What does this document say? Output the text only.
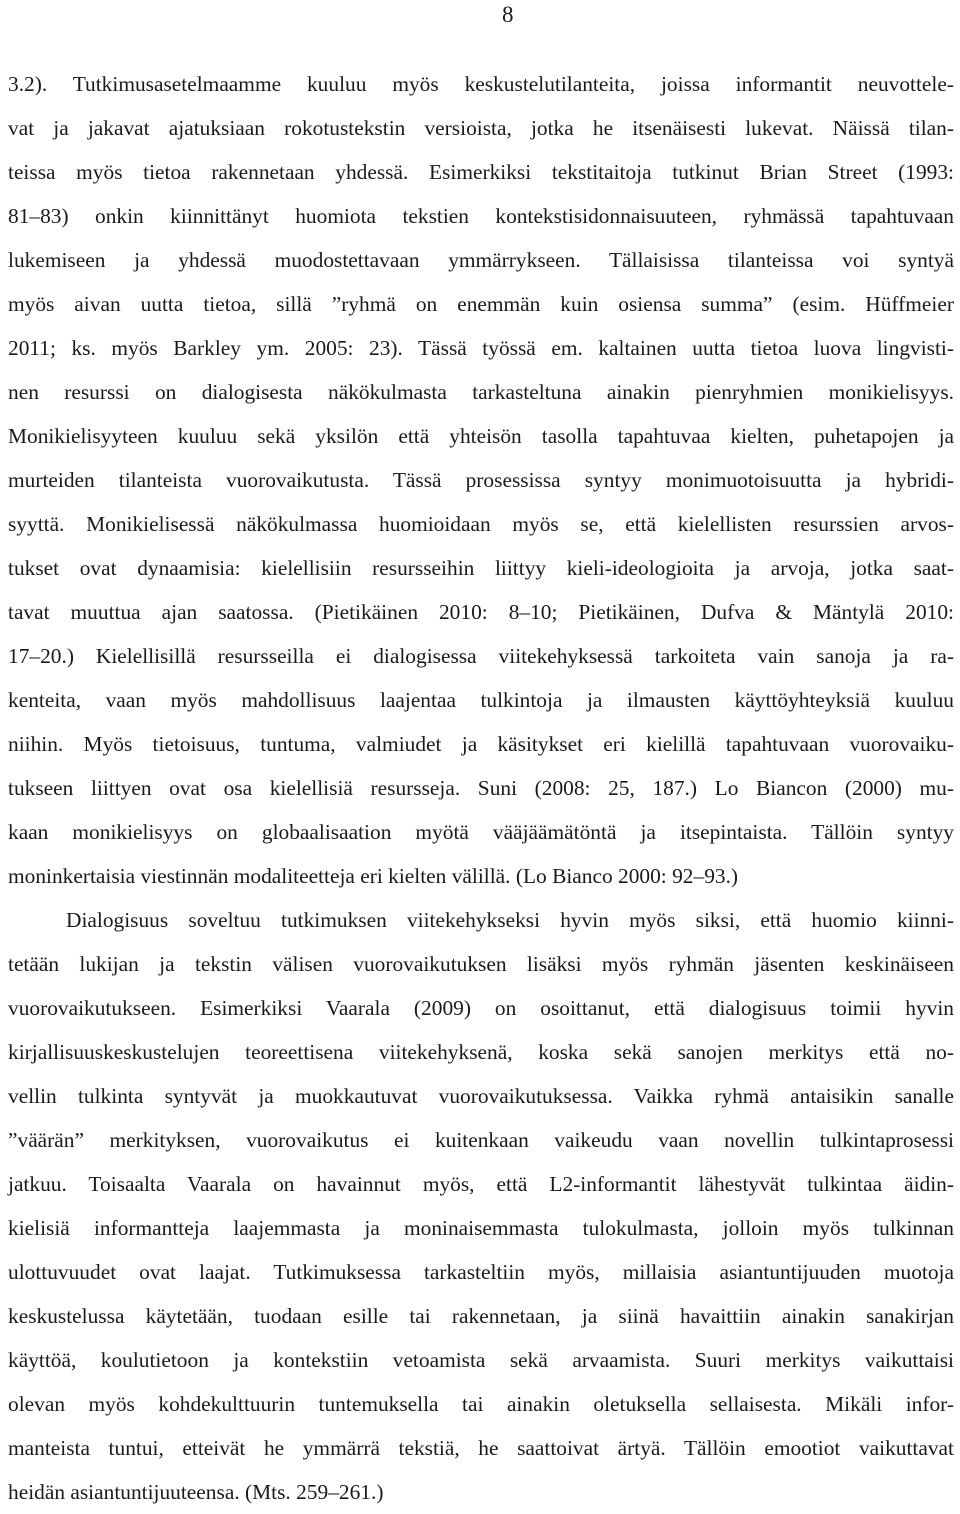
8
3.2). Tutkimusasetelmaamme kuuluu myös keskustelutilanteita, joissa informantit neuvottele-
vat ja jakavat ajatuksiaan rokotustekstin versioista, jotka he itsenäisesti lukevat. Näissä tilan-
teissa myös tietoa rakennetaan yhdessä. Esimerkiksi tekstitaitoja tutkinut Brian Street (1993:
81–83) onkin kiinnittänyt huomiota tekstien kontekstisidonnaisuuteen, ryhmässä tapahtuvaan
lukemiseen ja yhdessä muodostettavaan ymmärrykseen. Tällaisissa tilanteissa voi syntyä
myös aivan uutta tietoa, sillä ”ryhmä on enemmän kuin osiensa summa” (esim. Hüffmeier
2011; ks. myös Barkley ym. 2005: 23). Tässä työssä em. kaltainen uutta tietoa luova lingvisti-
nen resurssi on dialogisesta näkökulmasta tarkasteltuna ainakin pienryhmien monikielisyys.
Monikielisyyteen kuuluu sekä yksilön että yhteisön tasolla tapahtuvaa kielten, puhetapojen ja
murteiden tilanteista vuorovaikutusta. Tässä prosessissa syntyy monimuotoisuutta ja hybridi-
syyttä. Monikielisessä näkökulmassa huomioidaan myös se, että kielellisten resurssien arvos-
tukset ovat dynaamisia: kielellisiin resursseihin liittyy kieli-ideologioita ja arvoja, jotka saat-
tavat muuttua ajan saatossa. (Pietikäinen 2010: 8–10; Pietikäinen, Dufva & Mäntylä 2010:
17–20.) Kielellisillä resursseilla ei dialogisessa viitekehyksessä tarkoiteta vain sanoja ja ra-
kenteita, vaan myös mahdollisuus laajentaa tulkintoja ja ilmausten käyttöyhteyksiä kuuluu
niihin. Myös tietoisuus, tuntuma, valmiudet ja käsitykset eri kielillä tapahtuvaan vuorovaiku-
tukseen liittyen ovat osa kielellisiä resursseja. Suni (2008: 25, 187.) Lo Biancon (2000) mu-
kaan monikielisyys on globaalisaation myötä vääjäämätöntä ja itsepintaista. Tällöin syntyy
moninkertaisia viestinnän modaliteetteja eri kielten välillä. (Lo Bianco 2000: 92–93.)
Dialogisuus soveltuu tutkimuksen viitekehykseksi hyvin myös siksi, että huomio kiinni-
tetään lukijan ja tekstin välisen vuorovaikutuksen lisäksi myös ryhmän jäsenten keskinäiseen
vuorovaikutukseen. Esimerkiksi Vaarala (2009) on osoittanut, että dialogisuus toimii hyvin
kirjallisuuskeskustelujen teoreettisena viitekehyksenä, koska sekä sanojen merkitys että no-
vellin tulkinta syntyvät ja muokkautuvat vuorovaikutuksessa. Vaikka ryhmä antaisikin sanalle
”väärän” merkityksen, vuorovaikutus ei kuitenkaan vaikeudu vaan novellin tulkintaprosessi
jatkuu. Toisaalta Vaarala on havainnut myös, että L2-informantit lähestyvät tulkintaa äidin-
kielisiä informantteja laajemmasta ja moninaisemmasta tulokulmasta, jolloin myös tulkinnan
ulottuvuudet ovat laajat. Tutkimuksessa tarkasteltiin myös, millaisia asiantuntijuuden muotoja
keskustelussa käytetään, tuodaan esille tai rakennetaan, ja siinä havaittiin ainakin sanakirjan
käyttöä, koulutietoon ja kontekstiin vetoamista sekä arvaamista. Suuri merkitys vaikuttaisi
olevan myös kohdekulttuurin tuntemuksella tai ainakin oletuksella sellaisesta. Mikäli infor-
manteista tuntui, etteivät he ymmärrä tekstiä, he saattoivat ärtyä. Tällöin emootiot vaikuttavat
heidän asiantuntijuuteensa. (Mts. 259–261.)
